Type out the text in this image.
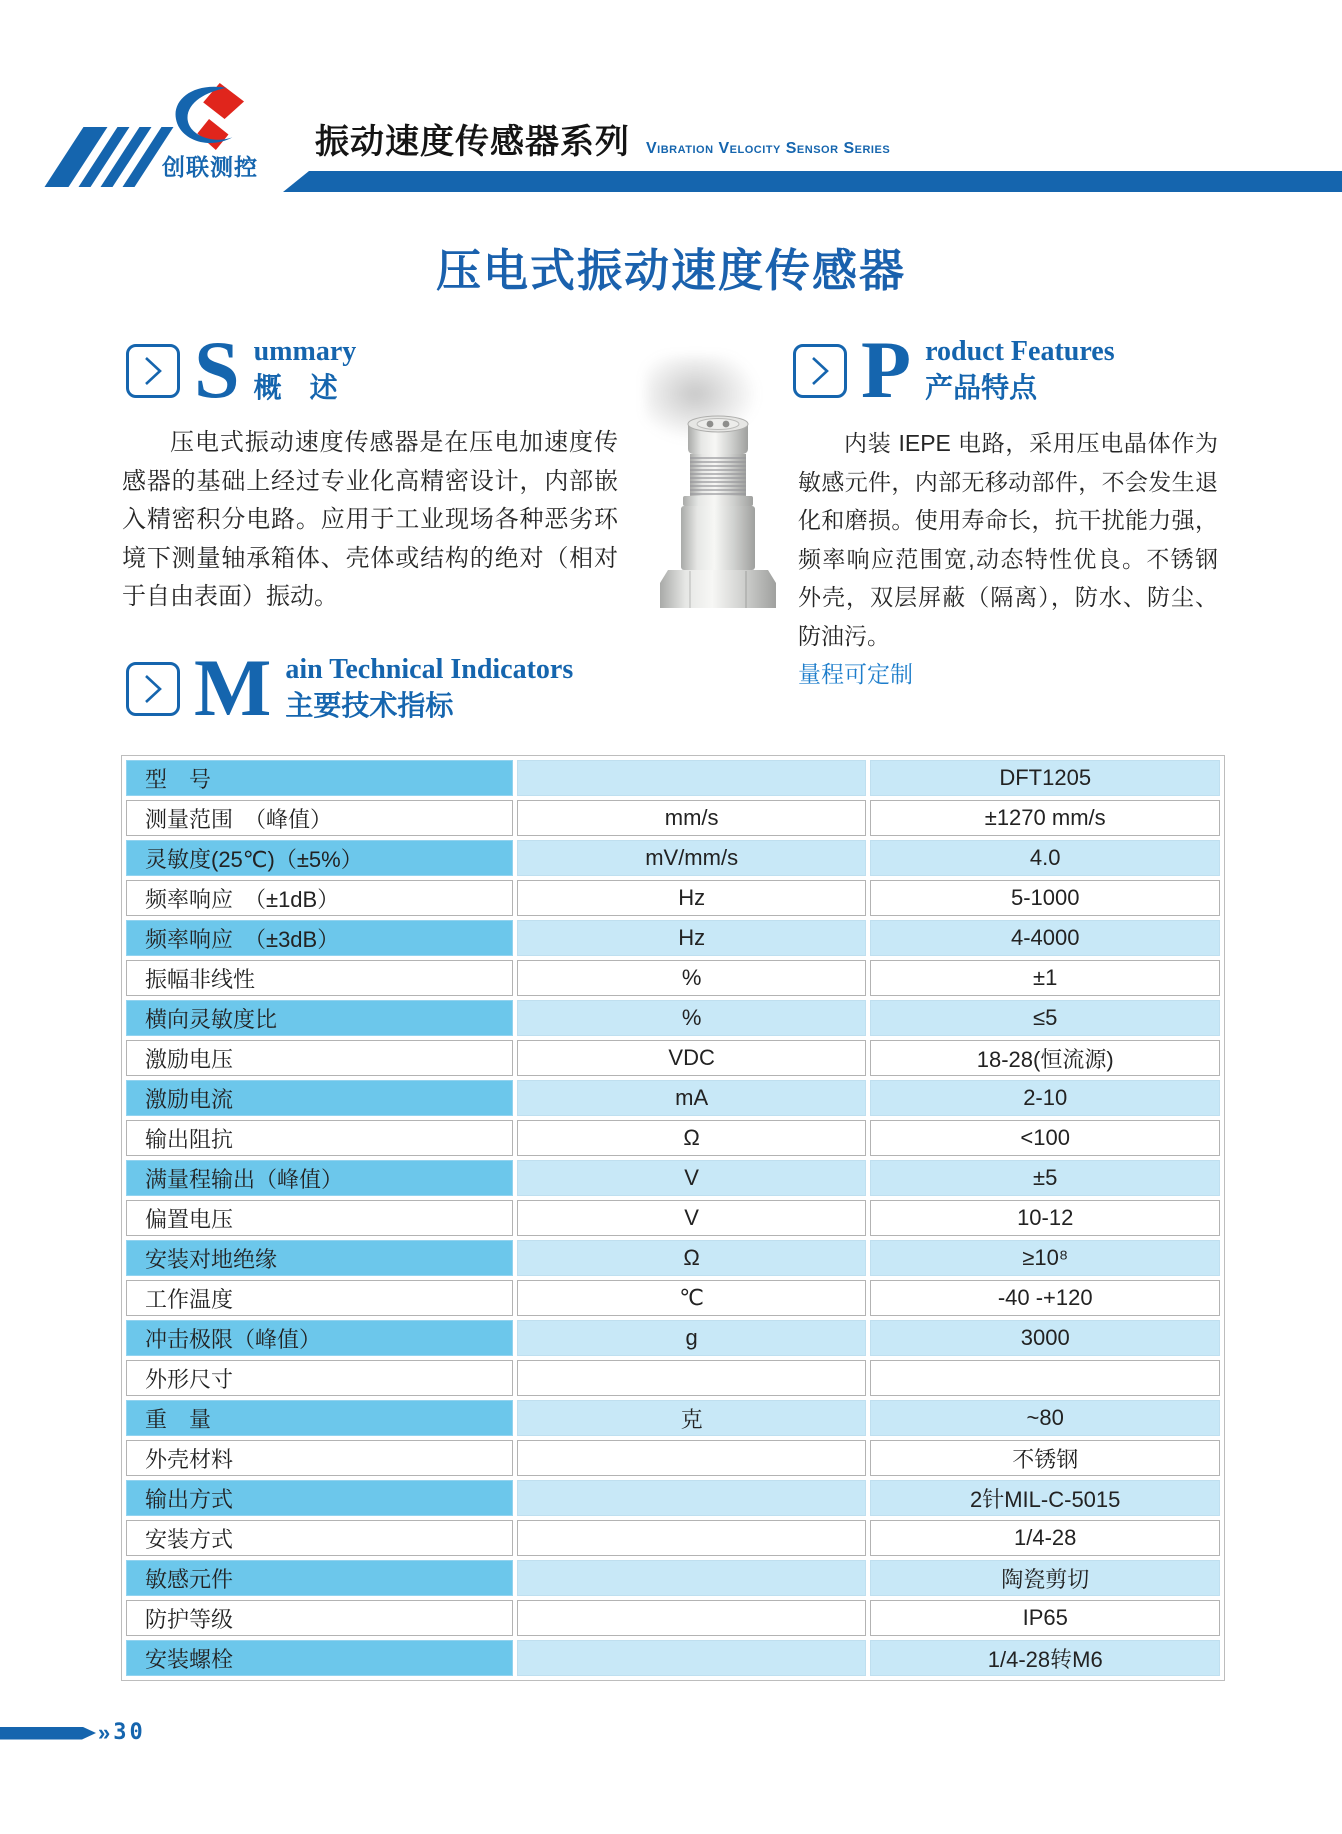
创联测控
振动速度传感器系列 Vibration Velocity Sensor Series
压电式振动速度传感器
S ummary
概　述	P roduct Features
产品特点

压电式振动速度传感器是在压电加速度传感器的基础上经过专业化高精密设计，内部嵌入精密积分电路。应用于工业现场各种恶劣环境下测量轴承箱体、壳体或结构的绝对（相对于自由表面）振动。

内装 IEPE 电路，采用压电晶体作为敏感元件，内部无移动部件，不会发生退化和磨损。使用寿命长，抗干扰能力强，频率响应范围宽,动态特性优良。不锈钢外壳，双层屏蔽（隔离），防水、防尘、防油污。

量程可定制

M ain Technical Indicators
主要技术指标
型　号		DFT1205
测量范围　（峰值）	mm/s	±1270 mm/s
灵敏度(25℃)（±5%）	mV/mm/s	4.0
频率响应　（±1dB）	Hz	5-1000
频率响应　（±3dB）	Hz	4-4000
振幅非线性	%	±1
横向灵敏度比	%	≤5
激励电压	VDC	18-28(恒流源)
激励电流	mA	2-10
输出阻抗	Ω	<100
满量程输出（峰值）	V	±5
偏置电压	V	10-12
安装对地绝缘	Ω	≥10⁸
工作温度	℃	-40 -+120
冲击极限（峰值）	g	3000
外形尺寸		
重　量	克	~80
外壳材料		不锈钢
输出方式		2针MIL-C-5015
安装方式		1/4-28
敏感元件		陶瓷剪切
防护等级		IP65
安装螺栓		1/4-28转M6
» 30
